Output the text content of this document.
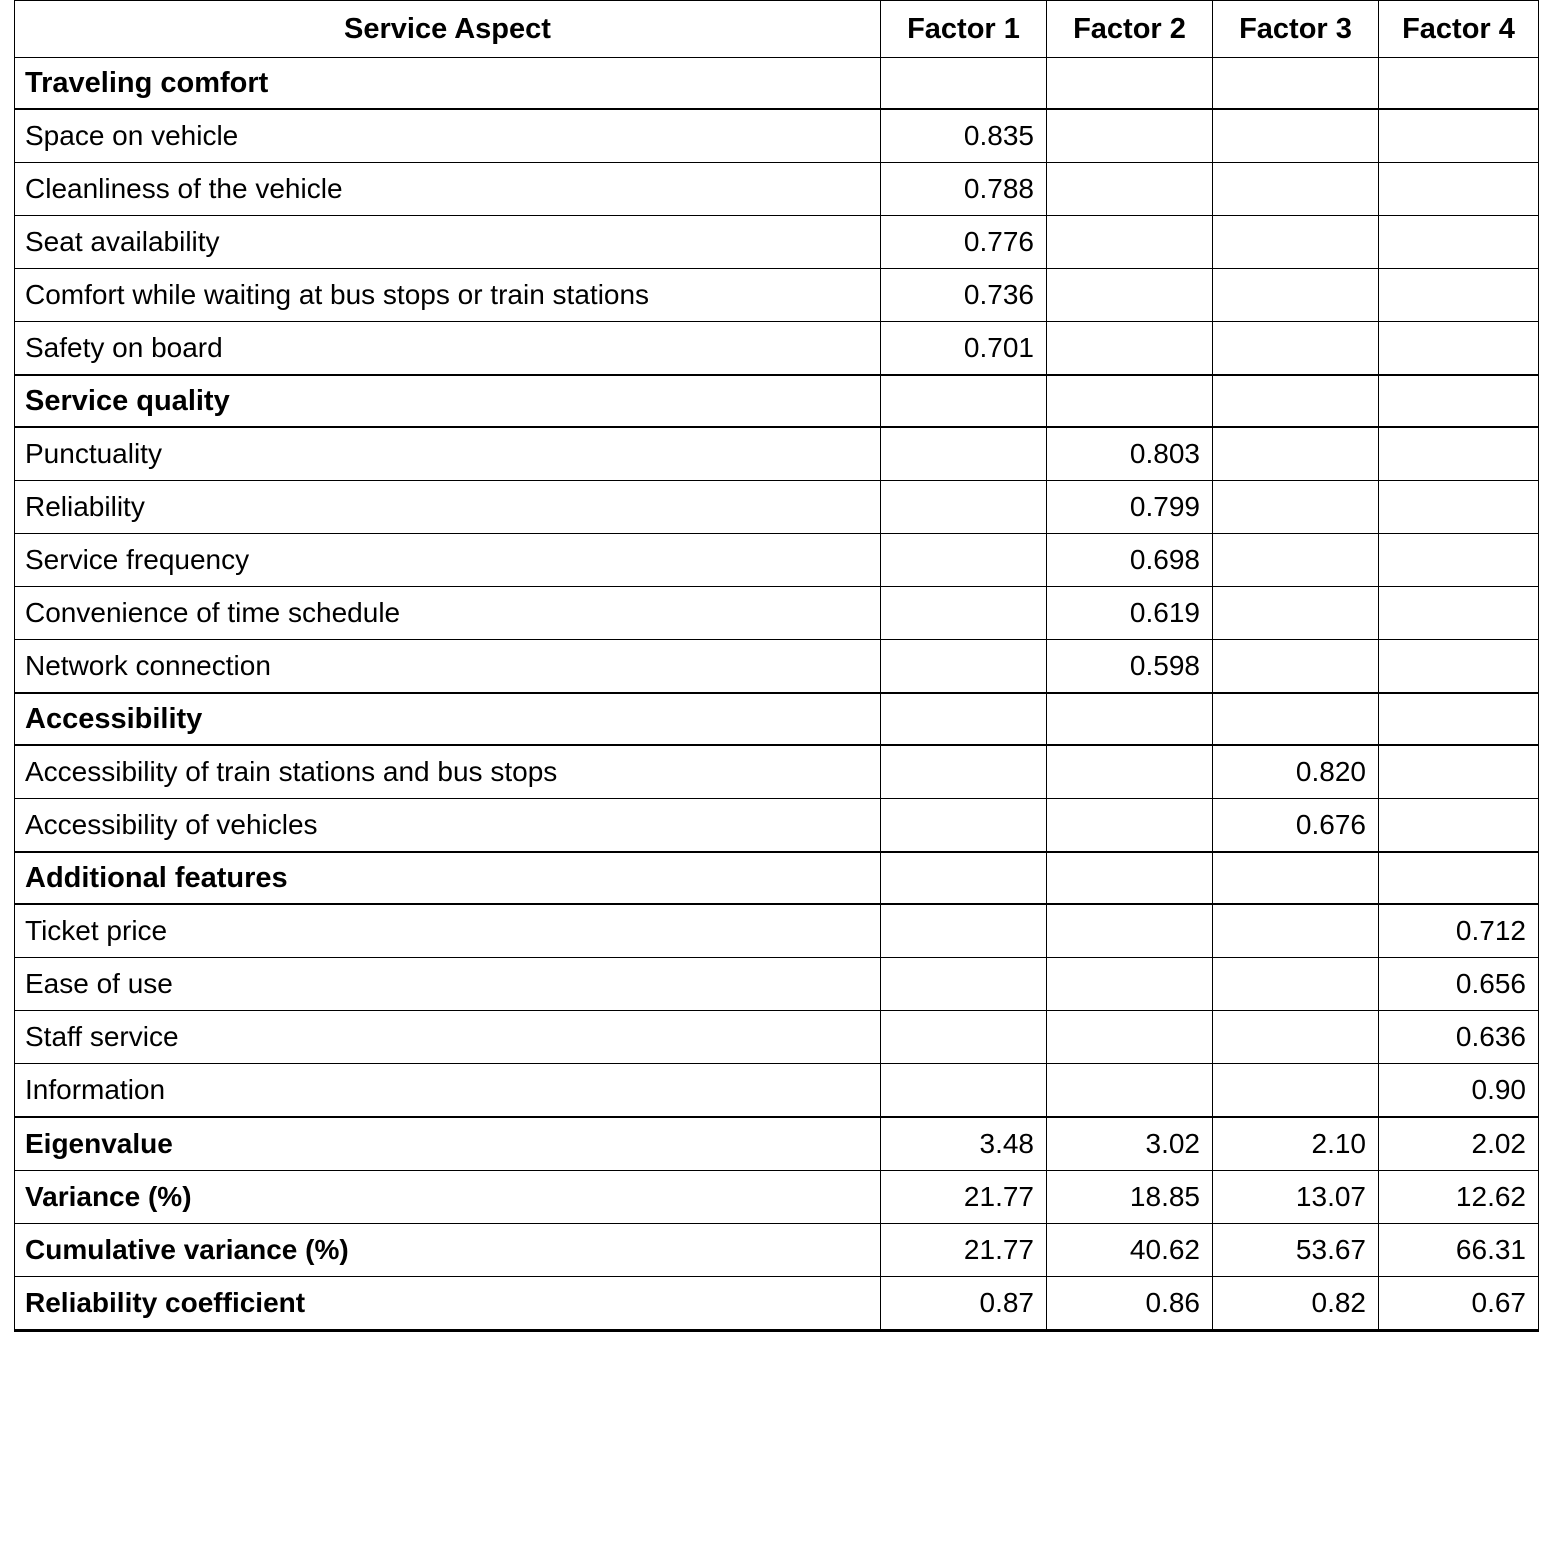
Service Aspect	Factor 1	Factor 2	Factor 3	Factor 4
Traveling comfort				
Space on vehicle	0.835			
Cleanliness of the vehicle	0.788			
Seat availability	0.776			
Comfort while waiting at bus stops or train stations	0.736			
Safety on board	0.701			
Service quality				
Punctuality		0.803		
Reliability		0.799		
Service frequency		0.698		
Convenience of time schedule		0.619		
Network connection		0.598		
Accessibility				
Accessibility of train stations and bus stops			0.820	
Accessibility of vehicles			0.676	
Additional features				
Ticket price				0.712
Ease of use				0.656
Staff service				0.636
Information				0.90
Eigenvalue	3.48	3.02	2.10	2.02
Variance (%)	21.77	18.85	13.07	12.62
Cumulative variance (%)	21.77	40.62	53.67	66.31
Reliability coefficient	0.87	0.86	0.82	0.67
